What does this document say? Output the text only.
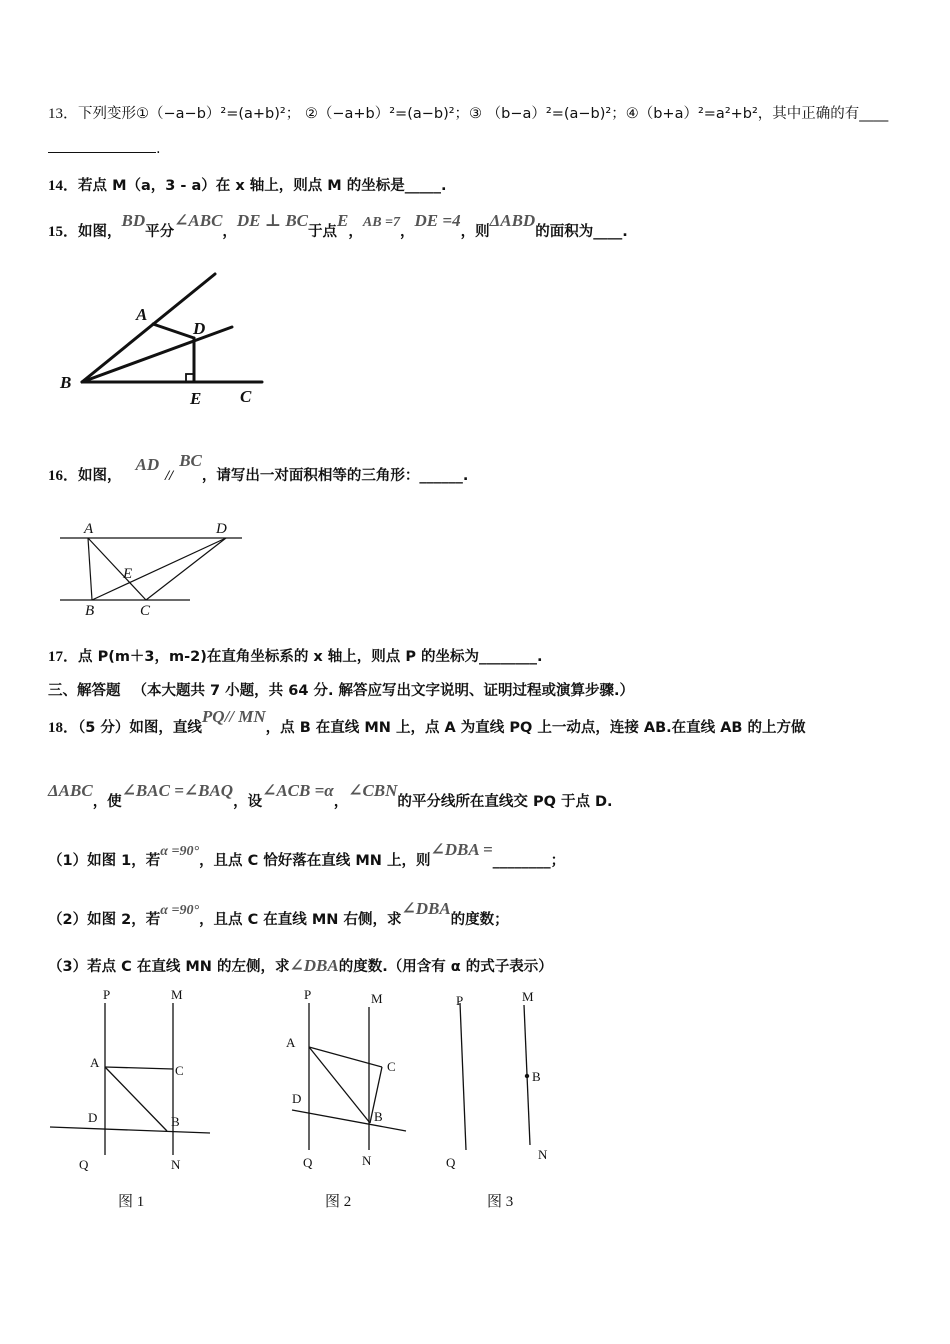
13．下列变形①（−a−b）²=(a+b)²； ②（−a+b）²=(a−b)²；③ （b−a）²=(a−b)²；④（b+a）²=a²+b²，其中正确的有____
.
14．若点 M（a，3 - a）在 x 轴上，则点 M 的坐标是_____.
15．如图，BD平分∠ABC，DE ⊥ BC于点E，AB =7，DE =4，则ΔABD的面积为____.
A
D
B
E C
16．如图，AD//BC，请写出一对面积相等的三角形：______.
A	D
E
B	C
17．点 P(m＋3，m-2)在直角坐标系的 x 轴上，则点 P 的坐标为________.
三、解答题 （本大题共 7 小题，共 64 分. 解答应写出文字说明、证明过程或演算步骤.）
18．（5 分）如图，直线PQ// MN，点 B 在直线 MN 上，点 A 为直线 PQ 上一动点，连接 AB.在直线 AB 的上方做
ΔABC，使∠BAC =∠BAQ，设∠ACB =α，∠CBN的平分线所在直线交 PQ 于点 D.
（1）如图 1，若α =90°，且点 C 恰好落在直线 MN 上，则∠DBA =________；
（2）如图 2，若α =90°，且点 C 在直线 MN 右侧，求∠DBA的度数；
（3）若点 C 在直线 MN 的左侧，求∠DBA的度数.（用含有 α 的式子表示）
P	M
A
C
D	B
Q	N
图 1
P	M
A
C
D
B
Q	N
图 2
P	M
B
Q
N
图 3
